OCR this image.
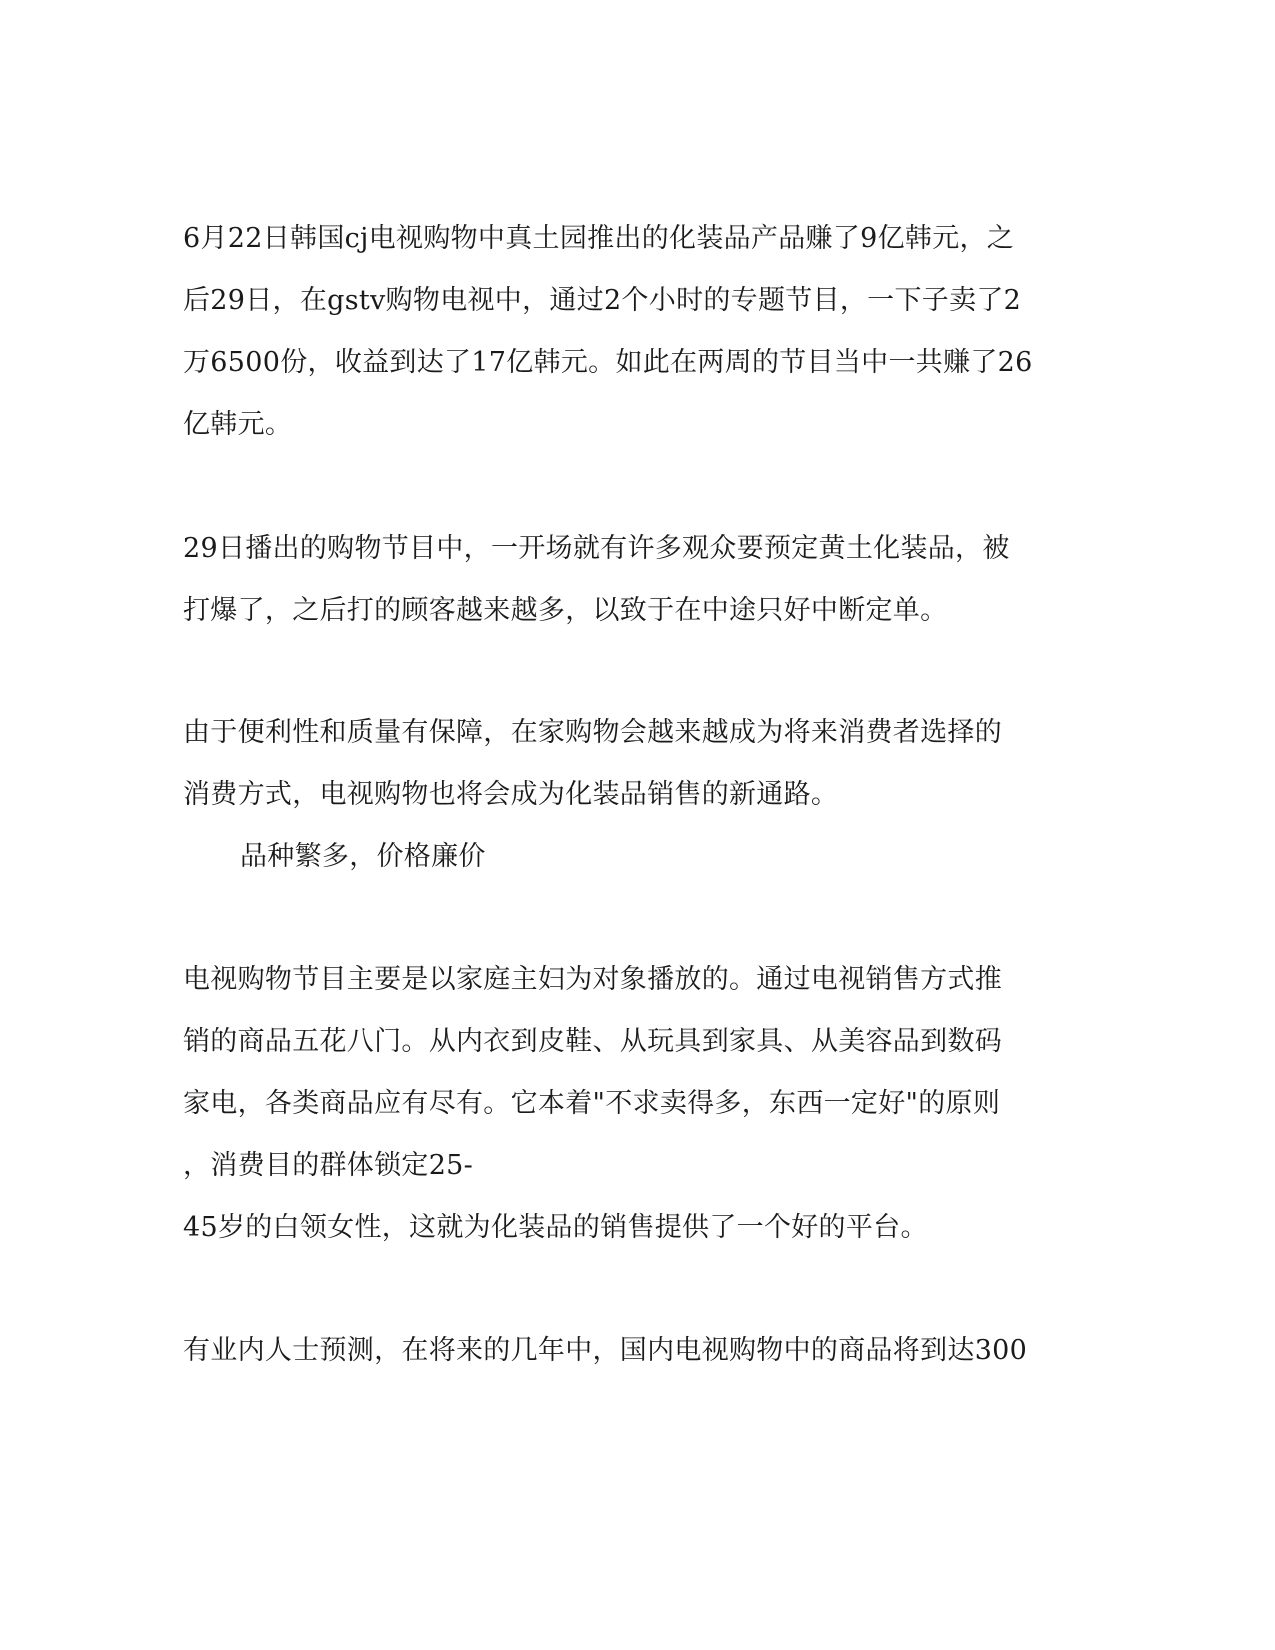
6月22日韩国cj电视购物中真土园推出的化装品产品赚了9亿韩元，之
后29日，在gstv购物电视中，通过2个小时的专题节目，一下子卖了2
万6500份，收益到达了17亿韩元。如此在两周的节目当中一共赚了26
亿韩元。
29日播出的购物节目中，一开场就有许多观众要预定黄土化装品，被
打爆了，之后打的顾客越来越多，以致于在中途只好中断定单。
由于便利性和质量有保障，在家购物会越来越成为将来消费者选择的
消费方式，电视购物也将会成为化装品销售的新通路。
品种繁多，价格廉价
电视购物节目主要是以家庭主妇为对象播放的。通过电视销售方式推
销的商品五花八门。从内衣到皮鞋、从玩具到家具、从美容品到数码
家电，各类商品应有尽有。它本着"不求卖得多，东西一定好"的原则
，消费目的群体锁定25-
45岁的白领女性，这就为化装品的销售提供了一个好的平台。
有业内人士预测，在将来的几年中，国内电视购物中的商品将到达300
